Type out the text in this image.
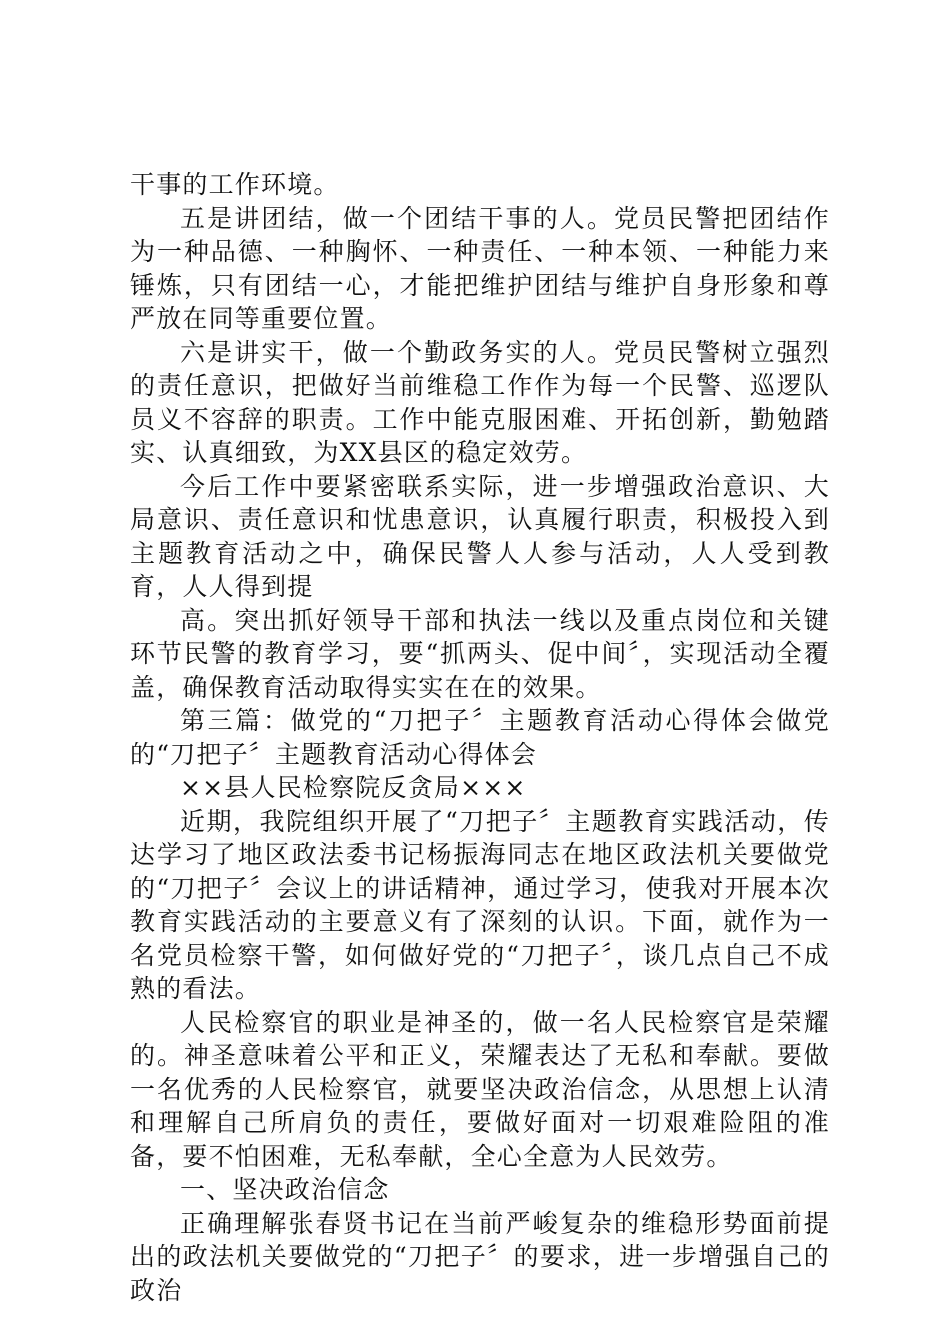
干事的工作环境。

五是讲团结，做一个团结干事的人。党员民警把团结作为一种品德、一种胸怀、一种责任、一种本领、一种能力来锤炼，只有团结一心，才能把维护团结与维护自身形象和尊严放在同等重要位置。

六是讲实干，做一个勤政务实的人。党员民警树立强烈的责任意识，把做好当前维稳工作作为每一个民警、巡逻队员义不容辞的职责。工作中能克服困难、开拓创新，勤勉踏实、认真细致，为XX县区的稳定效劳。

今后工作中要紧密联系实际，进一步增强政治意识、大局意识、责任意识和忧患意识，认真履行职责，积极投入到主题教育活动之中，确保民警人人参与活动，人人受到教育，人人得到提

高。突出抓好领导干部和执法一线以及重点岗位和关键环节民警的教育学习，要“抓两头、促中间〞，实现活动全覆盖，确保教育活动取得实实在在的效果。

第三篇：做党的“刀把子〞主题教育活动心得体会做党的“刀把子〞主题教育活动心得体会

××县人民检察院反贪局×××

近期，我院组织开展了“刀把子〞主题教育实践活动，传达学习了地区政法委书记杨振海同志在地区政法机关要做党的“刀把子〞会议上的讲话精神，通过学习，使我对开展本次教育实践活动的主要意义有了深刻的认识。下面，就作为一名党员检察干警，如何做好党的“刀把子〞，谈几点自己不成熟的看法。

人民检察官的职业是神圣的，做一名人民检察官是荣耀的。神圣意味着公平和正义，荣耀表达了无私和奉献。要做一名优秀的人民检察官，就要坚决政治信念，从思想上认清和理解自己所肩负的责任，要做好面对一切艰难险阻的准备，要不怕困难，无私奉献，全心全意为人民效劳。

一、坚决政治信念

正确理解张春贤书记在当前严峻复杂的维稳形势面前提出的政法机关要做党的“刀把子〞的要求，进一步增强自己的政治
